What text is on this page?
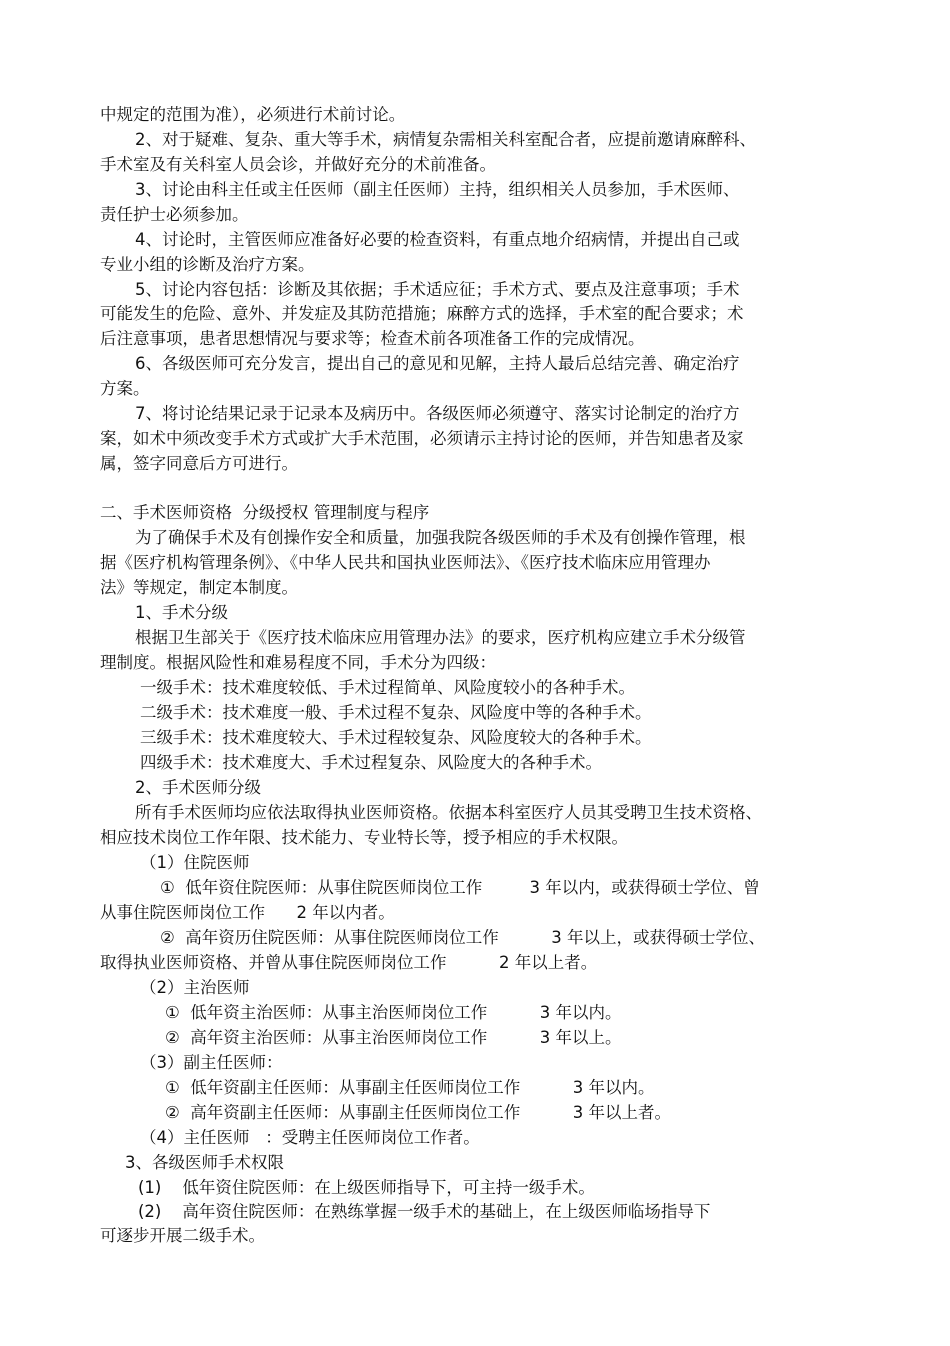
中规定的范围为准），必须进行术前讨论。
2、对于疑难、复杂、重大等手术，病情复杂需相关科室配合者，应提前邀请麻醉科、
手术室及有关科室人员会诊，并做好充分的术前准备。
3、讨论由科主任或主任医师（副主任医师）主持，组织相关人员参加，手术医师、
责任护士必须参加。
4、讨论时，主管医师应准备好必要的检查资料，有重点地介绍病情，并提出自己或
专业小组的诊断及治疗方案。
5、讨论内容包括：诊断及其依据；手术适应征；手术方式、要点及注意事项；手术
可能发生的危险、意外、并发症及其防范措施；麻醉方式的选择，手术室的配合要求；术
后注意事项，患者思想情况与要求等；检查术前各项准备工作的完成情况。
6、各级医师可充分发言，提出自己的意见和见解，主持人最后总结完善、确定治疗
方案。
7、将讨论结果记录于记录本及病历中。各级医师必须遵守、落实讨论制定的治疗方
案，如术中须改变手术方式或扩大手术范围，必须请示主持讨论的医师，并告知患者及家
属，签字同意后方可进行。
二、手术医师资格  分级授权 管理制度与程序
为了确保手术及有创操作安全和质量，加强我院各级医师的手术及有创操作管理，根
据《医疗机构管理条例》、《中华人民共和国执业医师法》、《医疗技术临床应用管理办
法》等规定，制定本制度。
1、手术分级
根据卫生部关于《医疗技术临床应用管理办法》的要求，医疗机构应建立手术分级管
理制度。根据风险性和难易程度不同，手术分为四级：
一级手术：技术难度较低、手术过程简单、风险度较小的各种手术。
二级手术：技术难度一般、手术过程不复杂、风险度中等的各种手术。
三级手术：技术难度较大、手术过程较复杂、风险度较大的各种手术。
四级手术：技术难度大、手术过程复杂、风险度大的各种手术。
2、手术医师分级
所有手术医师均应依法取得执业医师资格。依据本科室医疗人员其受聘卫生技术资格、
相应技术岗位工作年限、技术能力、专业特长等，授予相应的手术权限。
（1）住院医师
①  低年资住院医师：从事住院医师岗位工作         3 年以内，或获得硕士学位、曾
从事住院医师岗位工作      2 年以内者。
②  高年资历住院医师：从事住院医师岗位工作          3 年以上，或获得硕士学位、
取得执业医师资格、并曾从事住院医师岗位工作          2 年以上者。
（2）主治医师
①  低年资主治医师：从事主治医师岗位工作          3 年以内。
②  高年资主治医师：从事主治医师岗位工作          3 年以上。
（3）副主任医师：
①  低年资副主任医师：从事副主任医师岗位工作          3 年以内。
②  高年资副主任医师：从事副主任医师岗位工作          3 年以上者。
（4）主任医师   ：受聘主任医师岗位工作者。
3、各级医师手术权限
(1)    低年资住院医师：在上级医师指导下，可主持一级手术。
(2)    高年资住院医师：在熟练掌握一级手术的基础上，在上级医师临场指导下
可逐步开展二级手术。
